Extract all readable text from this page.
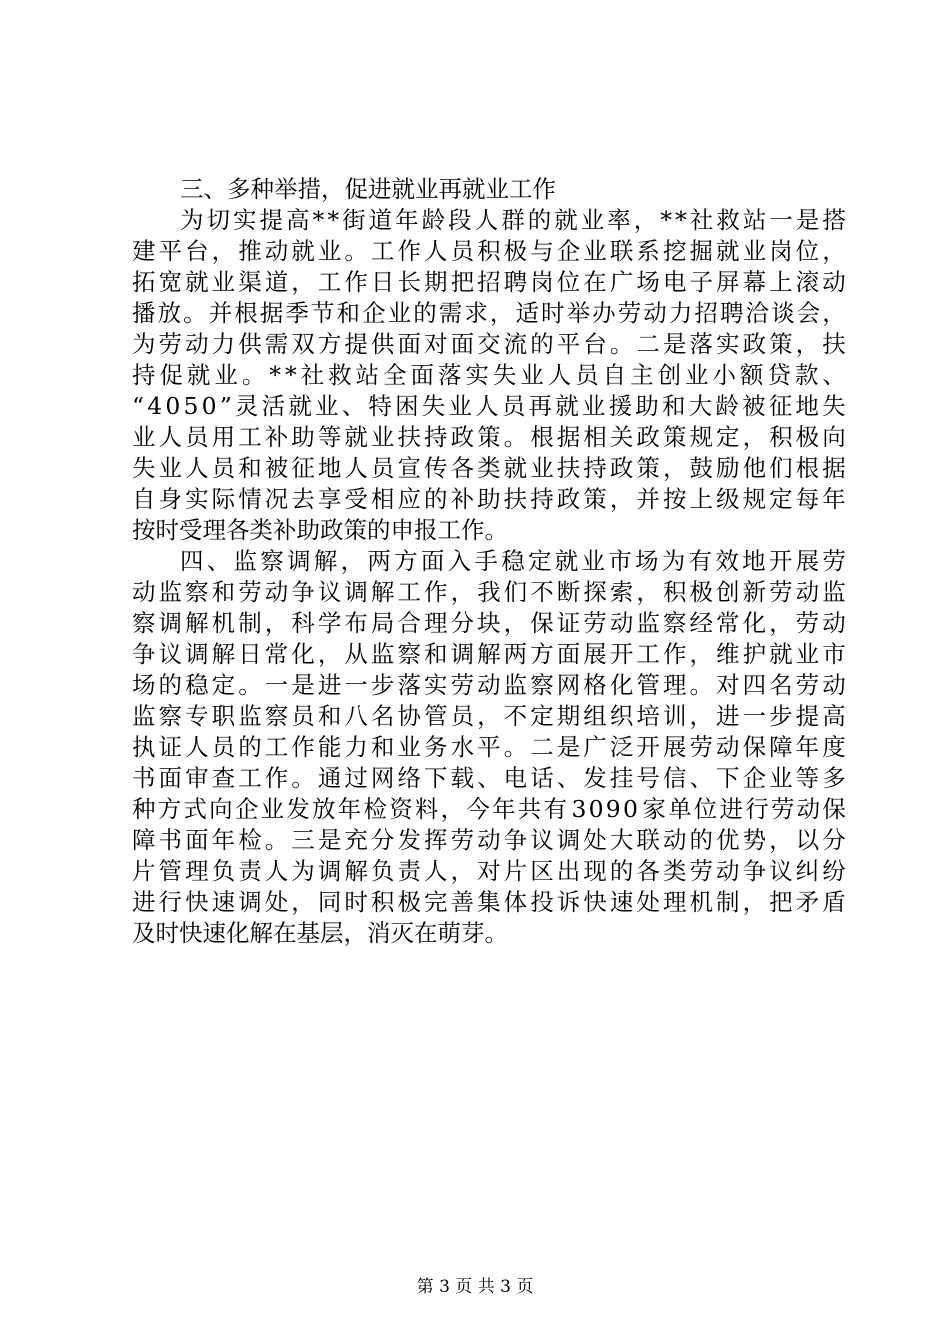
三、多种举措，促进就业再就业工作
为 切 实 提 高 * * 街 道 年 龄 段 人 群 的 就 业 率 ， * * 社 救 站 一 是 搭
建 平 台 ， 推 动 就 业 。 工 作 人 员 积 极 与 企 业 联 系 挖 掘 就 业 岗 位 ，
拓 宽 就 业 渠 道 ， 工 作 日 长 期 把 招 聘 岗 位 在 广 场 电 子 屏 幕 上 滚 动
播 放 。 并 根 据 季 节 和 企 业 的 需 求 ， 适 时 举 办 劳 动 力 招 聘 洽 谈 会 ，
为 劳 动 力 供 需 双 方 提 供 面 对 面 交 流 的 平 台 。 二 是 落 实 政 策 ， 扶
持 促 就 业 。 * * 社 救 站 全 面 落 实 失 业 人 员 自 主 创 业 小 额 贷 款 、
“ 4 0 5 0 ” 灵 活 就 业 、 特 困 失 业 人 员 再 就 业 援 助 和 大 龄 被 征 地 失
业 人 员 用 工 补 助 等 就 业 扶 持 政 策 。 根 据 相 关 政 策 规 定 ， 积 极 向
失 业 人 员 和 被 征 地 人 员 宣 传 各 类 就 业 扶 持 政 策 ， 鼓 励 他 们 根 据
自 身 实 际 情 况 去 享 受 相 应 的 补 助 扶 持 政 策 ， 并 按 上 级 规 定 每 年
按时受理各类补助政策的申报工作。
四 、 监 察 调 解 ， 两 方 面 入 手 稳 定 就 业 市 场 为 有 效 地 开 展 劳
动 监 察 和 劳 动 争 议 调 解 工 作 ， 我 们 不 断 探 索 ， 积 极 创 新 劳 动 监
察 调 解 机 制 ， 科 学 布 局 合 理 分 块 ， 保 证 劳 动 监 察 经 常 化 ， 劳 动
争 议 调 解 日 常 化 ， 从 监 察 和 调 解 两 方 面 展 开 工 作 ， 维 护 就 业 市
场 的 稳 定 。 一 是 进 一 步 落 实 劳 动 监 察 网 格 化 管 理 。 对 四 名 劳 动
监 察 专 职 监 察 员 和 八 名 协 管 员 ， 不 定 期 组 织 培 训 ， 进 一 步 提 高
执 证 人 员 的 工 作 能 力 和 业 务 水 平 。 二 是 广 泛 开 展 劳 动 保 障 年 度
书 面 审 查 工 作 。 通 过 网 络 下 载 、 电 话 、 发 挂 号 信 、 下 企 业 等 多
种 方 式 向 企 业 发 放 年 检 资 料 ， 今 年 共 有 3 0 9 0 家 单 位 进 行 劳 动 保
障 书 面 年 检 。 三 是 充 分 发 挥 劳 动 争 议 调 处 大 联 动 的 优 势 ， 以 分
片 管 理 负 责 人 为 调 解 负 责 人 ， 对 片 区 出 现 的 各 类 劳 动 争 议 纠 纷
进 行 快 速 调 处 ， 同 时 积 极 完 善 集 体 投 诉 快 速 处 理 机 制 ， 把 矛 盾
及时快速化解在基层，消灭在萌芽。
第 3 页 共 3 页
